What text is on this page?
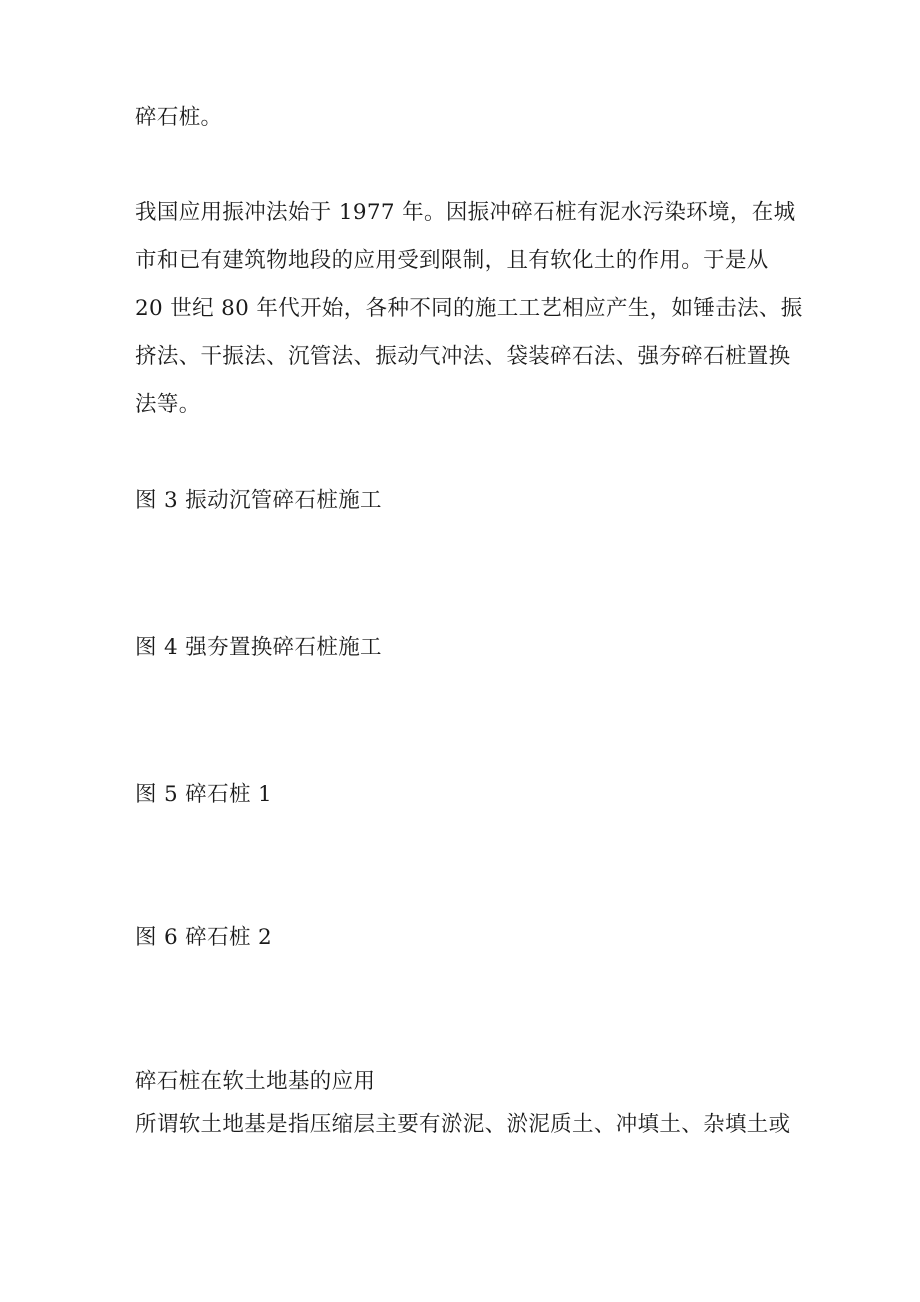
碎石桩。
我国应用振冲法始于 1977 年。因振冲碎石桩有泥水污染环境，在城
市和已有建筑物地段的应用受到限制，且有软化土的作用。于是从
20 世纪 80 年代开始，各种不同的施工工艺相应产生，如锤击法、振
挤法、干振法、沉管法、振动气冲法、袋装碎石法、强夯碎石桩置换
法等。
图 3 振动沉管碎石桩施工
图 4 强夯置换碎石桩施工
图 5 碎石桩 1
图 6 碎石桩 2
碎石桩在软土地基的应用
所谓软土地基是指压缩层主要有淤泥、淤泥质土、冲填土、杂填土或
